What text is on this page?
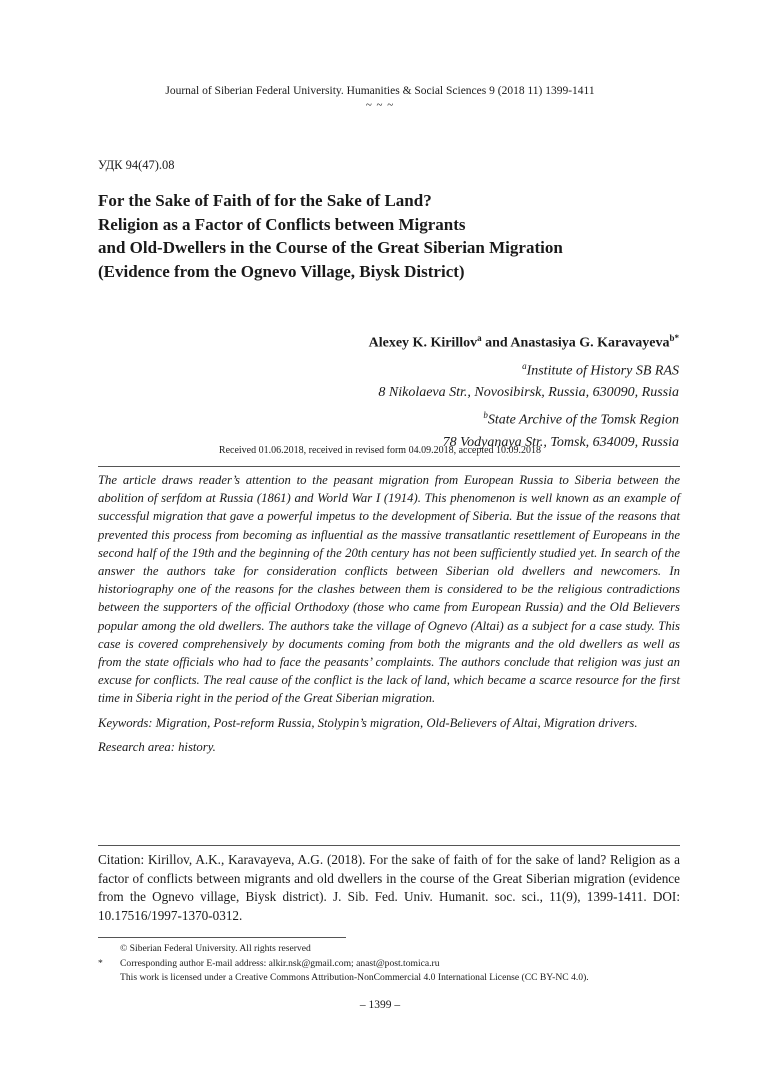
Journal of Siberian Federal University. Humanities & Social Sciences 9 (2018 11) 1399-1411
~ ~ ~
УДК 94(47).08
For the Sake of Faith of for the Sake of Land?
Religion as a Factor of Conflicts between Migrants
and Old-Dwellers in the Course of the Great Siberian Migration
(Evidence from the Ognevo Village, Biysk District)
Alexey K. Kirillov$^a$ and Anastasiya G. Karavayeva$^{b*}$
$^a$Institute of History SB RAS
8 Nikolaeva Str., Novosibirsk, Russia, 630090, Russia
$^b$State Archive of the Tomsk Region
78 Vodyanaya Str., Tomsk, 634009, Russia
Received 01.06.2018, received in revised form 04.09.2018, accepted 10.09.2018

The article draws reader’s attention to the peasant migration from European Russia to Siberia between the abolition of serfdom at Russia (1861) and World War I (1914). This phenomenon is well known as an example of successful migration that gave a powerful impetus to the development of Siberia. But the issue of the reasons that prevented this process from becoming as influential as the massive transatlantic resettlement of Europeans in the second half of the 19th and the beginning of the 20th century has not been sufficiently studied yet. In search of the answer the authors take for consideration conflicts between Siberian old dwellers and newcomers. In historiography one of the reasons for the clashes between them is considered to be the religious contradictions between the supporters of the official Orthodoxy (those who came from European Russia) and the Old Believers popular among the old dwellers. The authors take the village of Ognevo (Altai) as a subject for a case study. This case is covered comprehensively by documents coming from both the migrants and the old dwellers as well as from the state officials who had to face the peasants’ complaints. The authors conclude that religion was just an excuse for conflicts. The real cause of the conflict is the lack of land, which became a scarce resource for the first time in Siberia right in the period of the Great Siberian migration.

Keywords: Migration, Post-reform Russia, Stolypin’s migration, Old-Believers of Altai, Migration drivers.

Research area: history.

Citation: Kirillov, A.K., Karavayeva, A.G. (2018). For the sake of faith of for the sake of land? Religion as a factor of conflicts between migrants and old dwellers in the course of the Great Siberian migration (evidence from the Ognevo village, Biysk district). J. Sib. Fed. Univ. Humanit. soc. sci., 11(9), 1399-1411. DOI: 10.17516/1997-1370-0312.
© Siberian Federal University. All rights reserved
* Corresponding author E-mail address: alkir.nsk@gmail.com; anast@post.tomica.ru
This work is licensed under a Creative Commons Attribution-NonCommercial 4.0 International License (CC BY-NC 4.0).
– 1399 –
